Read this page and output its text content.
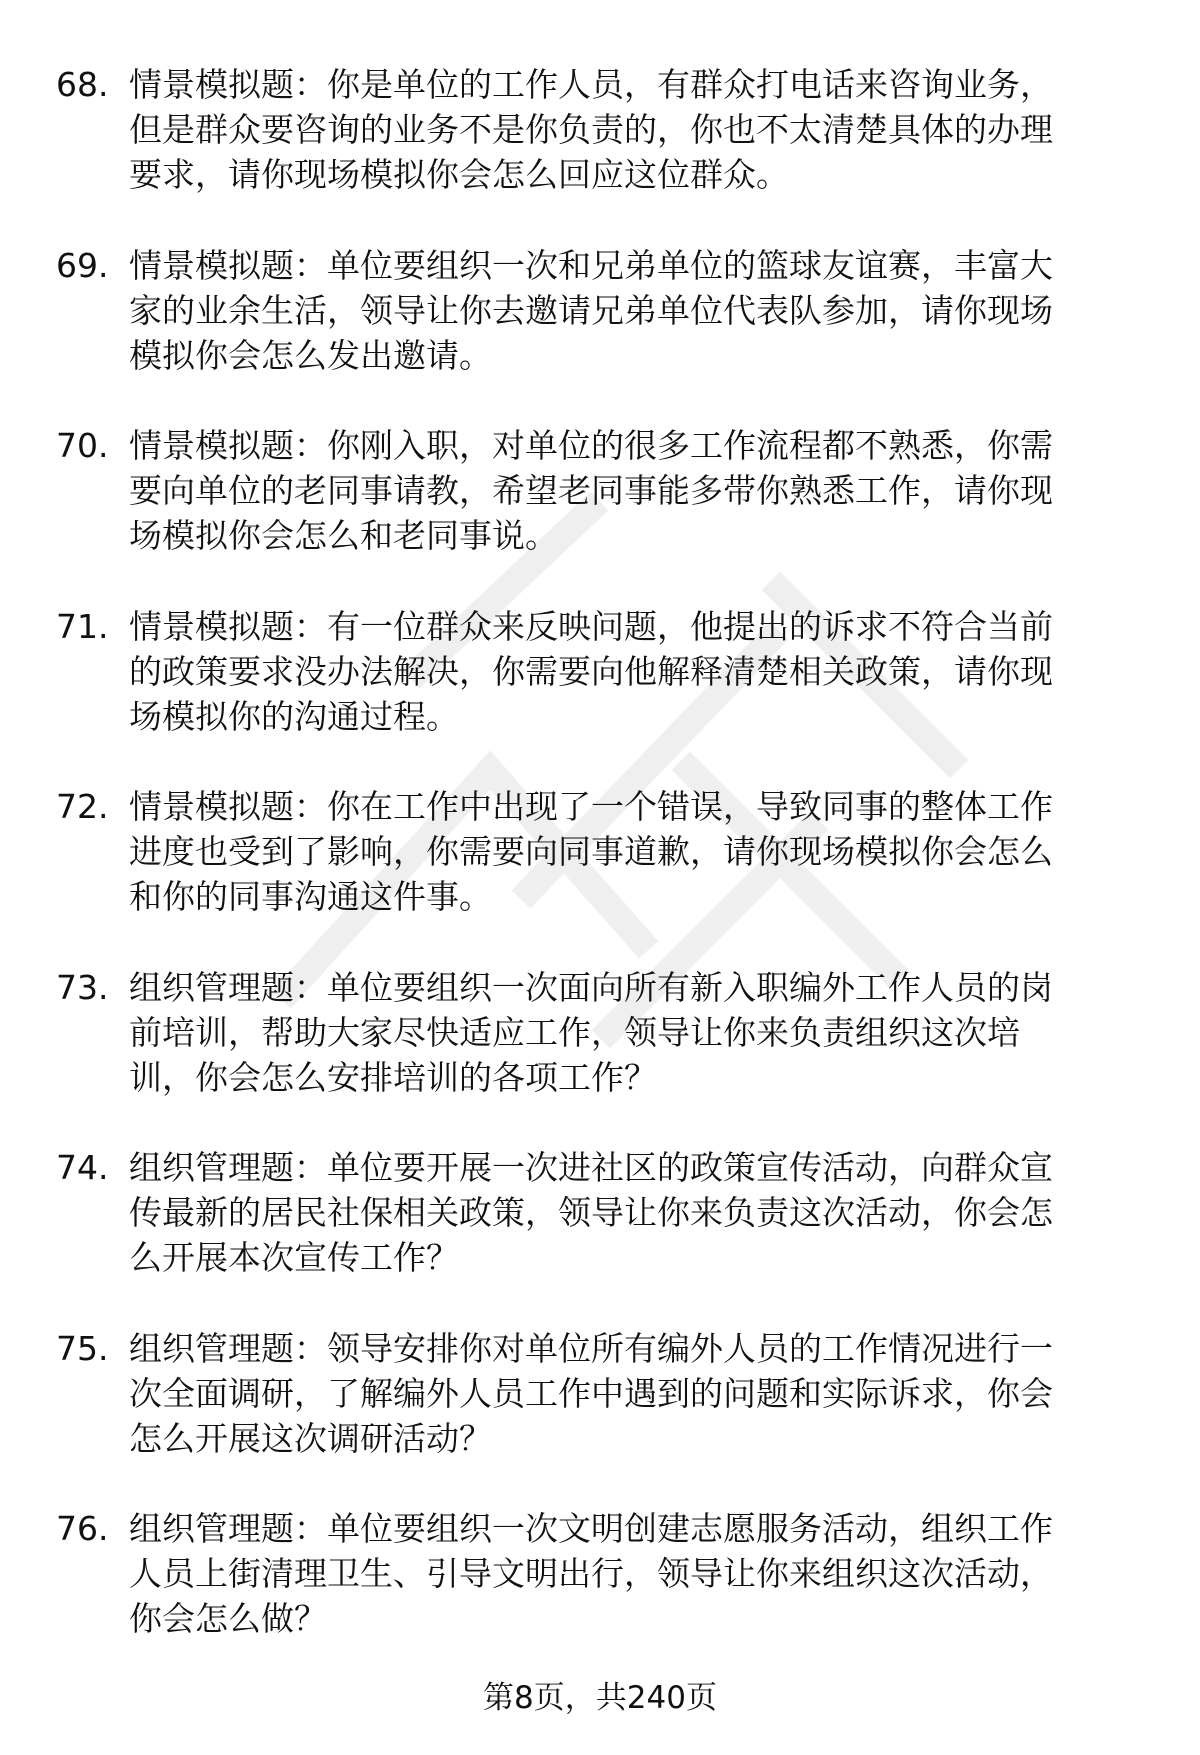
68. 情景模拟题：你是单位的工作人员，有群众打电话来咨询业务，
但是群众要咨询的业务不是你负责的，你也不太清楚具体的办理
要求，请你现场模拟你会怎么回应这位群众。
69. 情景模拟题：单位要组织一次和兄弟单位的篮球友谊赛，丰富大
家的业余生活，领导让你去邀请兄弟单位代表队参加，请你现场
模拟你会怎么发出邀请。
70. 情景模拟题：你刚入职，对单位的很多工作流程都不熟悉，你需
要向单位的老同事请教，希望老同事能多带你熟悉工作，请你现
场模拟你会怎么和老同事说。
71. 情景模拟题：有一位群众来反映问题，他提出的诉求不符合当前
的政策要求没办法解决，你需要向他解释清楚相关政策，请你现
场模拟你的沟通过程。
72. 情景模拟题：你在工作中出现了一个错误，导致同事的整体工作
进度也受到了影响，你需要向同事道歉，请你现场模拟你会怎么
和你的同事沟通这件事。
73. 组织管理题：单位要组织一次面向所有新入职编外工作人员的岗
前培训，帮助大家尽快适应工作，领导让你来负责组织这次培
训，你会怎么安排培训的各项工作？
74. 组织管理题：单位要开展一次进社区的政策宣传活动，向群众宣
传最新的居民社保相关政策，领导让你来负责这次活动，你会怎
么开展本次宣传工作？
75. 组织管理题：领导安排你对单位所有编外人员的工作情况进行一
次全面调研，了解编外人员工作中遇到的问题和实际诉求，你会
怎么开展这次调研活动？
76. 组织管理题：单位要组织一次文明创建志愿服务活动，组织工作
人员上街清理卫生、引导文明出行，领导让你来组织这次活动，
你会怎么做？
第8页，共240页
